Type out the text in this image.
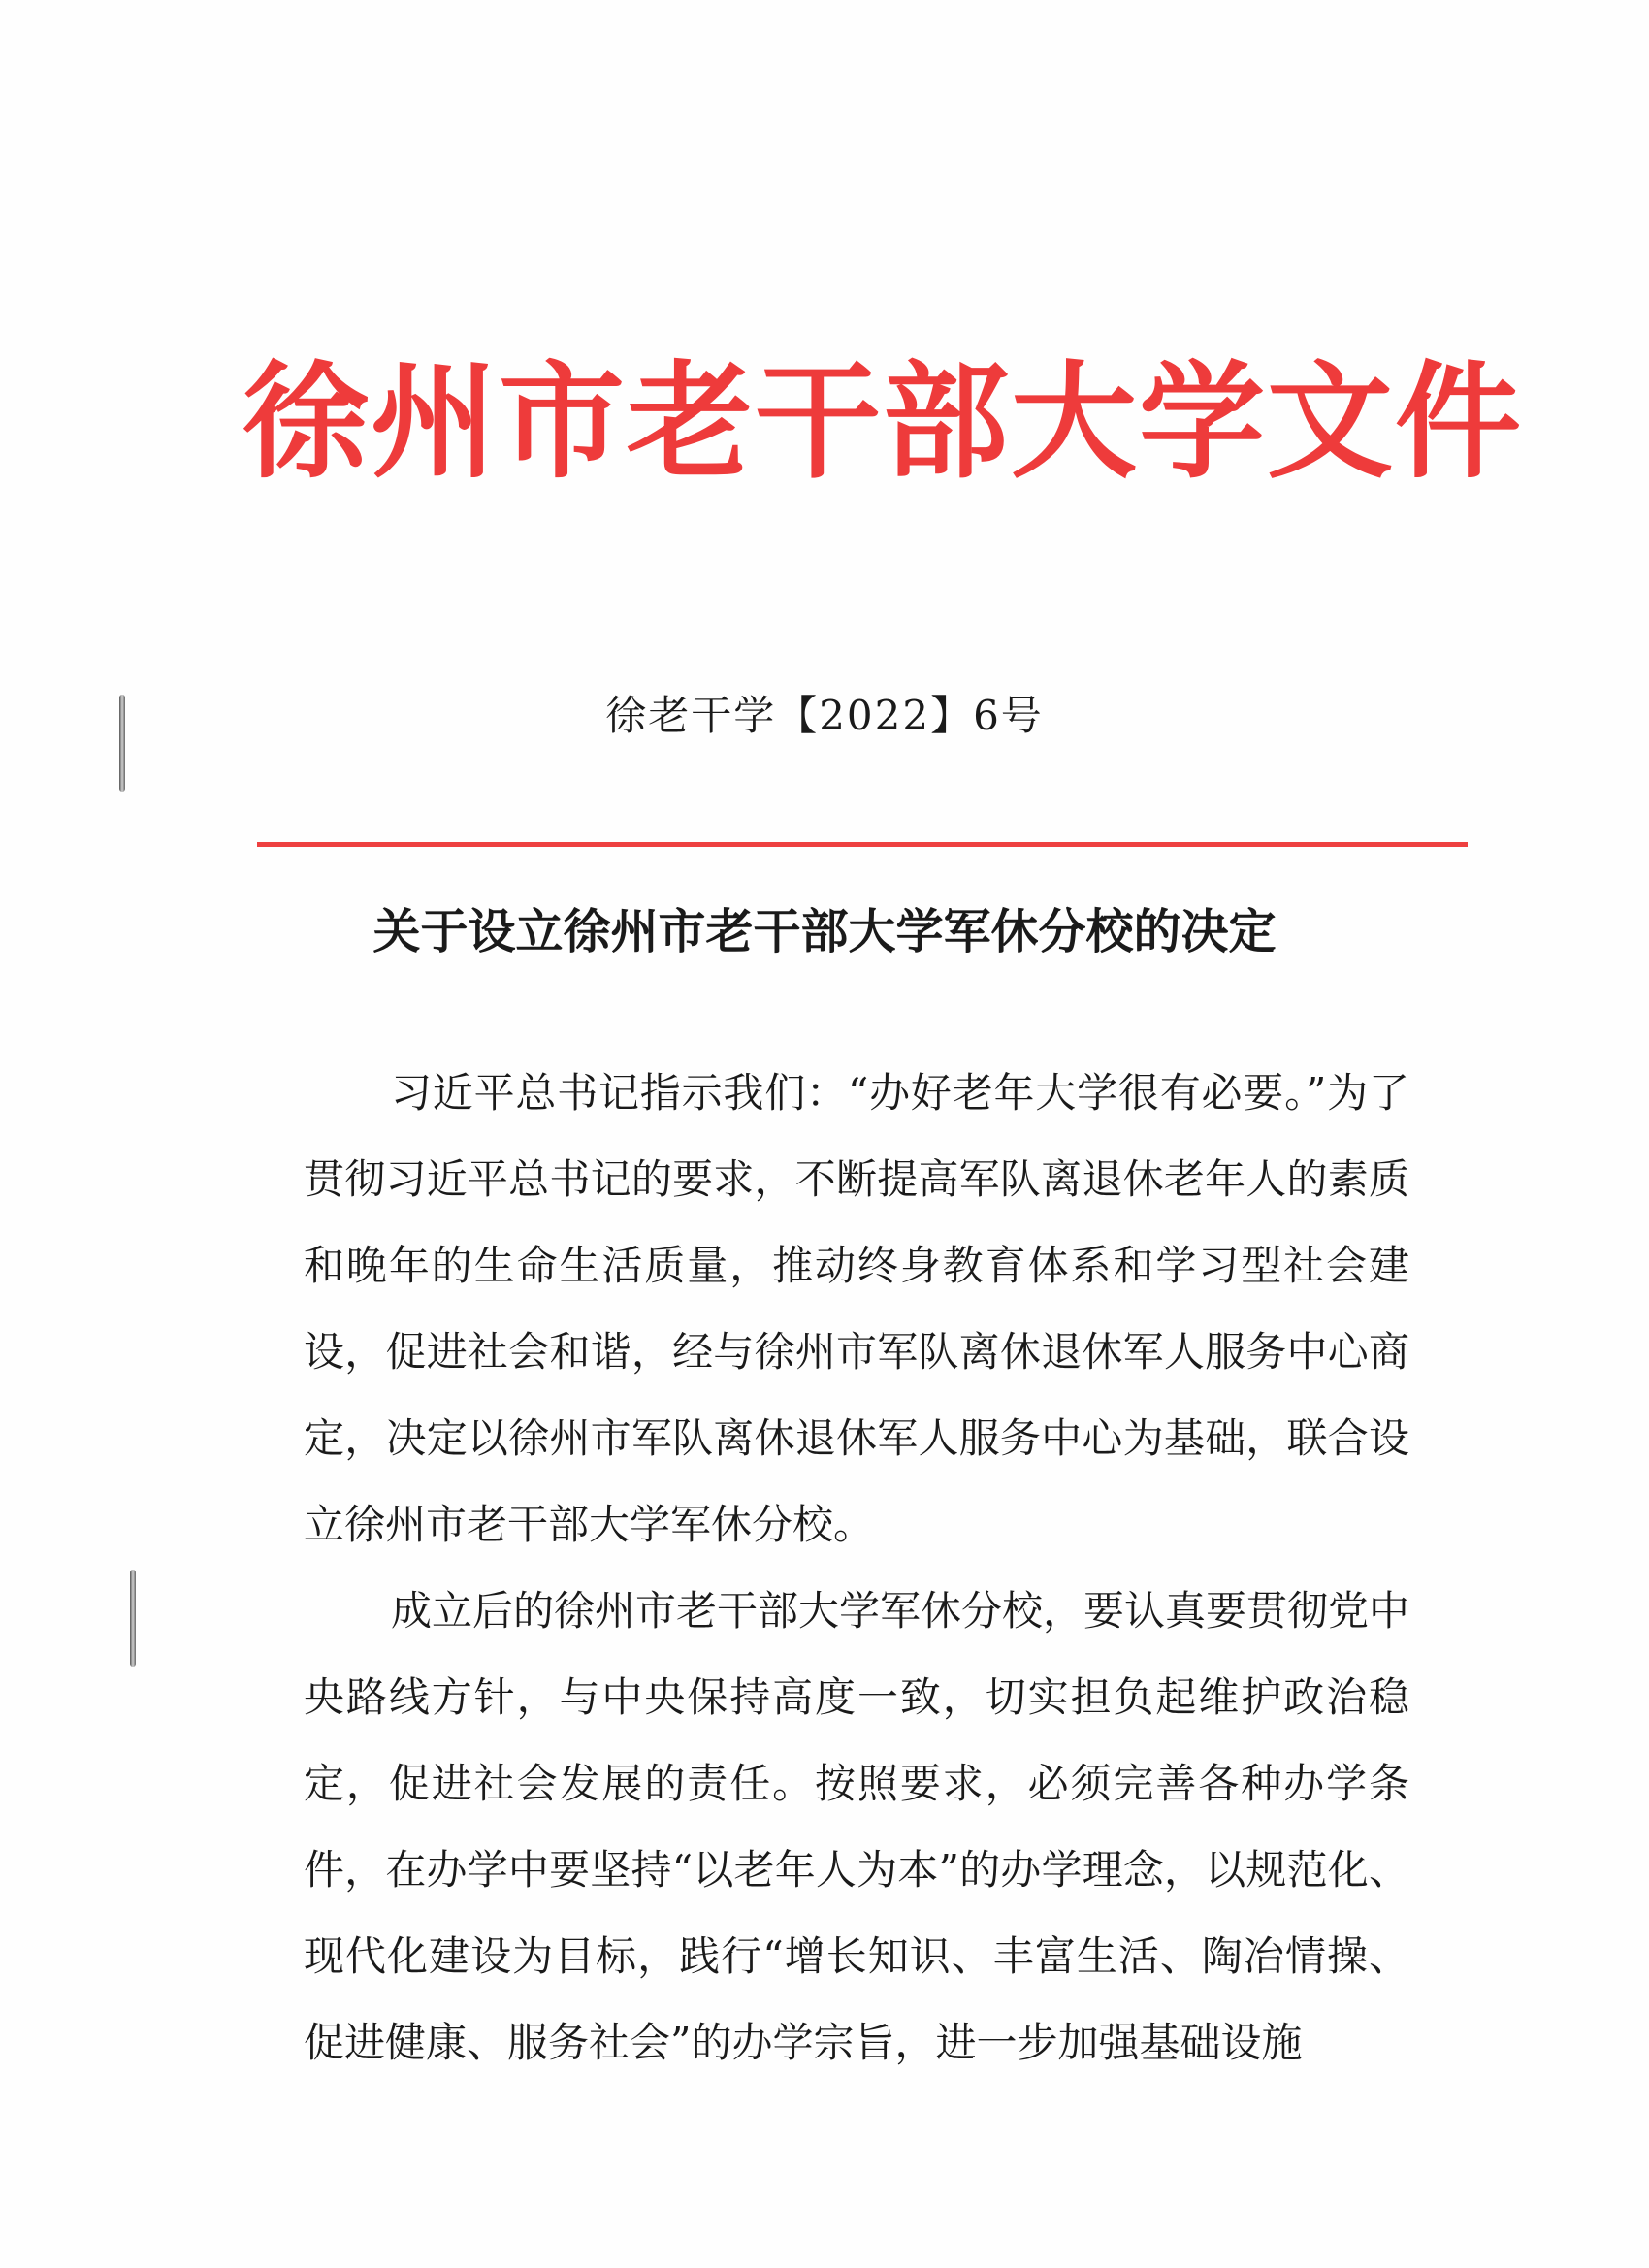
徐州市老干部大学文件
徐老干学【2022】6号
关于设立徐州市老干部大学军休分校的决定

习近平总书记指示我们：“办好老年大学很有必要。”为了贯彻习近平总书记的要求，不断提高军队离退休老年人的素质和晚年的生命生活质量，推动终身教育体系和学习型社会建设，促进社会和谐，经与徐州市军队离休退休军人服务中心商定，决定以徐州市军队离休退休军人服务中心为基础，联合设立徐州市老干部大学军休分校。

成立后的徐州市老干部大学军休分校，要认真要贯彻党中央路线方针，与中央保持高度一致，切实担负起维护政治稳定，促进社会发展的责任。按照要求，必须完善各种办学条件，在办学中要坚持“以老年人为本”的办学理念，以规范化、现代化建设为目标，践行“增长知识、丰富生活、陶冶情操、促进健康、服务社会”的办学宗旨，进一步加强基础设施
